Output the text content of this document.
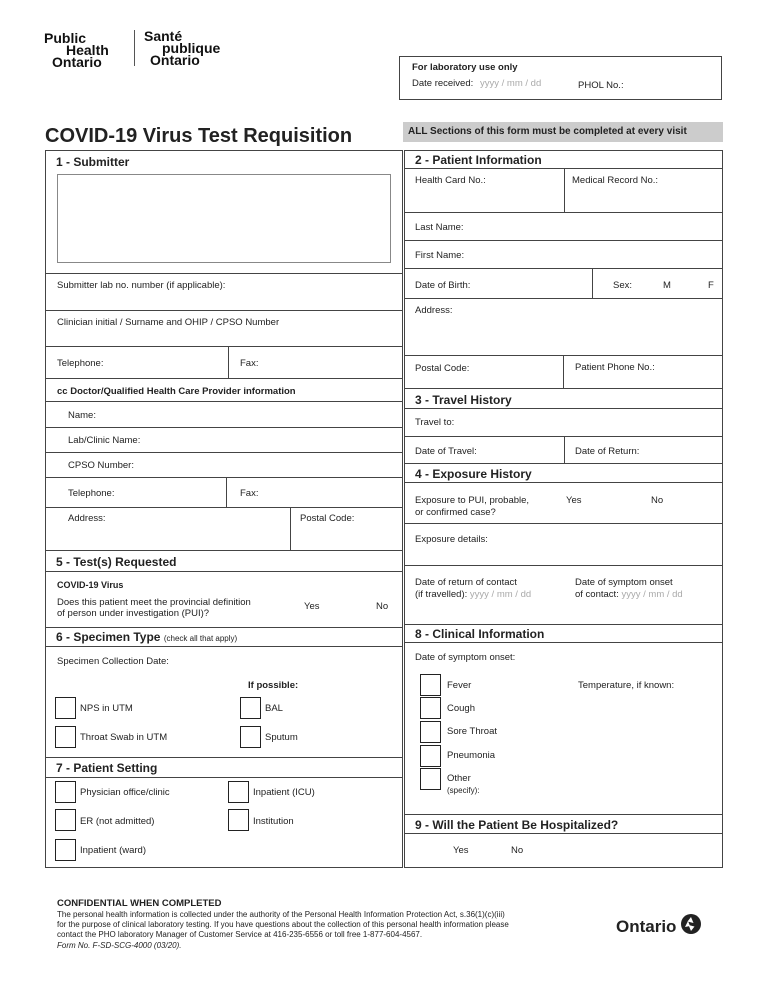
Public
Health
Ontario
Santé
publique
Ontario	For laboratory use only
Date received: yyyy / mm / dd	PHOL No.:
COVID-19 Virus Test Requisition	ALL Sections of this form must be completed at every visit
1 - Submitter
Submitter lab no. number (if applicable):
Clinician initial / Surname and OHIP / CPSO Number
Telephone:	Fax:
cc Doctor/Qualified Health Care Provider information
Name:
Lab/Clinic Name:
CPSO Number:
Telephone:	Fax:
Address:	Postal Code:
5 - Test(s) Requested
COVID-19 Virus
Does this patient meet the provincial definition
of person under investigation (PUI)?
Yes	No
6 - Specimen Type (check all that apply)
Specimen Collection Date:
If possible:
NPS in UTM	BAL
Throat Swab in UTM	Sputum
7 - Patient Setting
Physician office/clinic	Inpatient (ICU)
ER (not admitted)	Institution
Inpatient (ward)
2 - Patient Information
Health Card No.:	Medical Record No.:
Last Name:
First Name:
Date of Birth:	Sex:	M	F
Address:
Postal Code:	Patient Phone No.:
3 - Travel History
Travel to:
Date of Travel:	Date of Return:
4 - Exposure History
Exposure to PUI, probable,
or confirmed case?
Yes	No
Exposure details:
Date of return of contact
(if travelled): yyyy / mm / dd
Date of symptom onset
of contact: yyyy / mm / dd
8 - Clinical Information
Date of symptom onset:
Fever	Temperature, if known:
Cough
Sore Throat
Pneumonia
Other
(specify):
9 - Will the Patient Be Hospitalized?
Yes	No
CONFIDENTIAL WHEN COMPLETED
The personal health information is collected under the authority of the Personal Health Information Protection Act, s.36(1)(c)(iii)
for the purpose of clinical laboratory testing. If you have questions about the collection of this personal health information please
contact the PHO laboratory Manager of Customer Service at 416-235-6556 or toll free 1-877-604-4567.
Form No. F-SD-SCG-4000 (03/20).
Ontario
